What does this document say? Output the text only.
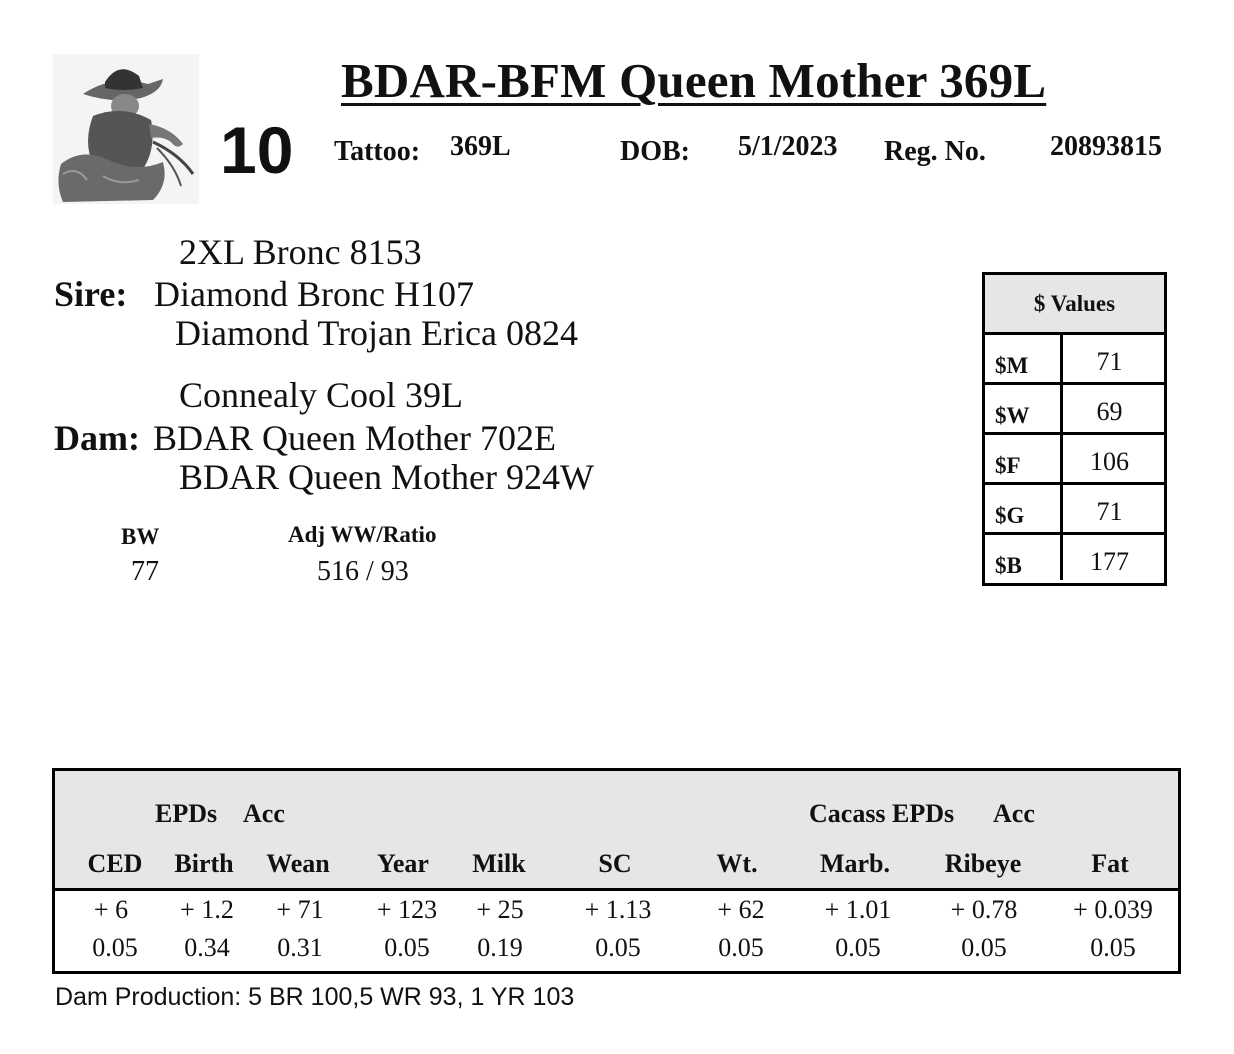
BDAR-BFM Queen Mother 369L
10 Tattoo: 369L	DOB: 5/1/2023 Reg. No. 20893815
2XL Bronc 8153
Sire: Diamond Bronc H107
Diamond Trojan Erica 0824
Connealy Cool 39L
Dam: BDAR Queen Mother 702E
BDAR Queen Mother 924W
BW
77
Adj WW/Ratio
516 / 93
$ Values
$M	71
$W	69
$F	106
$G	71
$B	177
EPDs Acc	Cacass EPDs Acc
CED	Birth	Wean	Year	Milk	SC	Wt.	Marb.	Ribeye	Fat
+ 6	+ 1.2	+ 71	+ 123	+ 25	+ 1.13	+ 62	+ 1.01	+ 0.78	+ 0.039
0.05	0.34	0.31	0.05	0.19	0.05	0.05	0.05	0.05	0.05
Dam Production: 5 BR 100,5 WR 93, 1 YR 103
